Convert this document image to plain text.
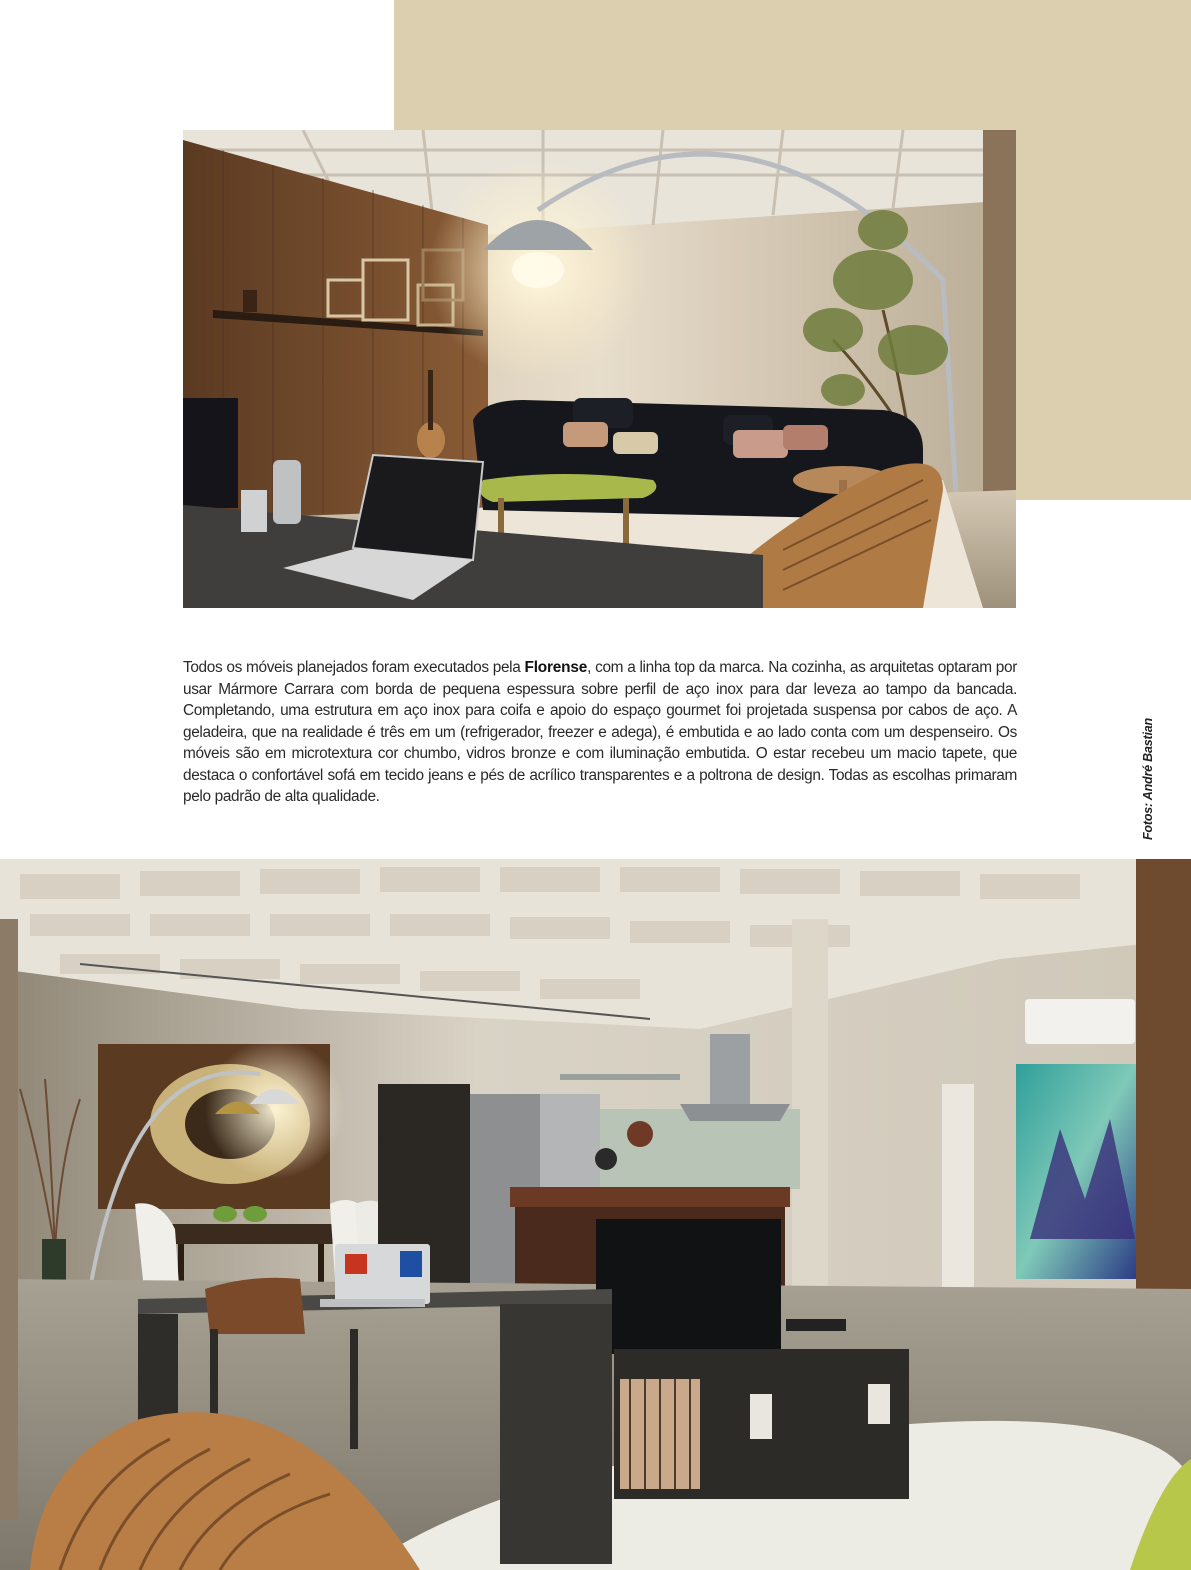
Todos os móveis planejados foram executados pela Florense, com a linha top da marca. Na cozinha, as arquitetas optaram por usar Mármore Carrara com borda de pequena espessura sobre perfil de aço inox para dar leveza ao tampo da bancada. Completando, uma estrutura em aço inox para coifa e apoio do espaço gourmet foi projetada suspensa por cabos de aço. A geladeira, que na realidade é três em um (refrigerador, freezer e adega), é embutida e ao lado conta com um despenseiro. Os móveis são em microtextura cor chumbo, vidros bronze e com iluminação embutida. O estar recebeu um macio tapete, que destaca o confortável sofá em tecido jeans e pés de acrílico transparentes e a poltrona de design. Todas as escolhas primaram pelo padrão de alta qualidade.	Fotos: André Bastian
